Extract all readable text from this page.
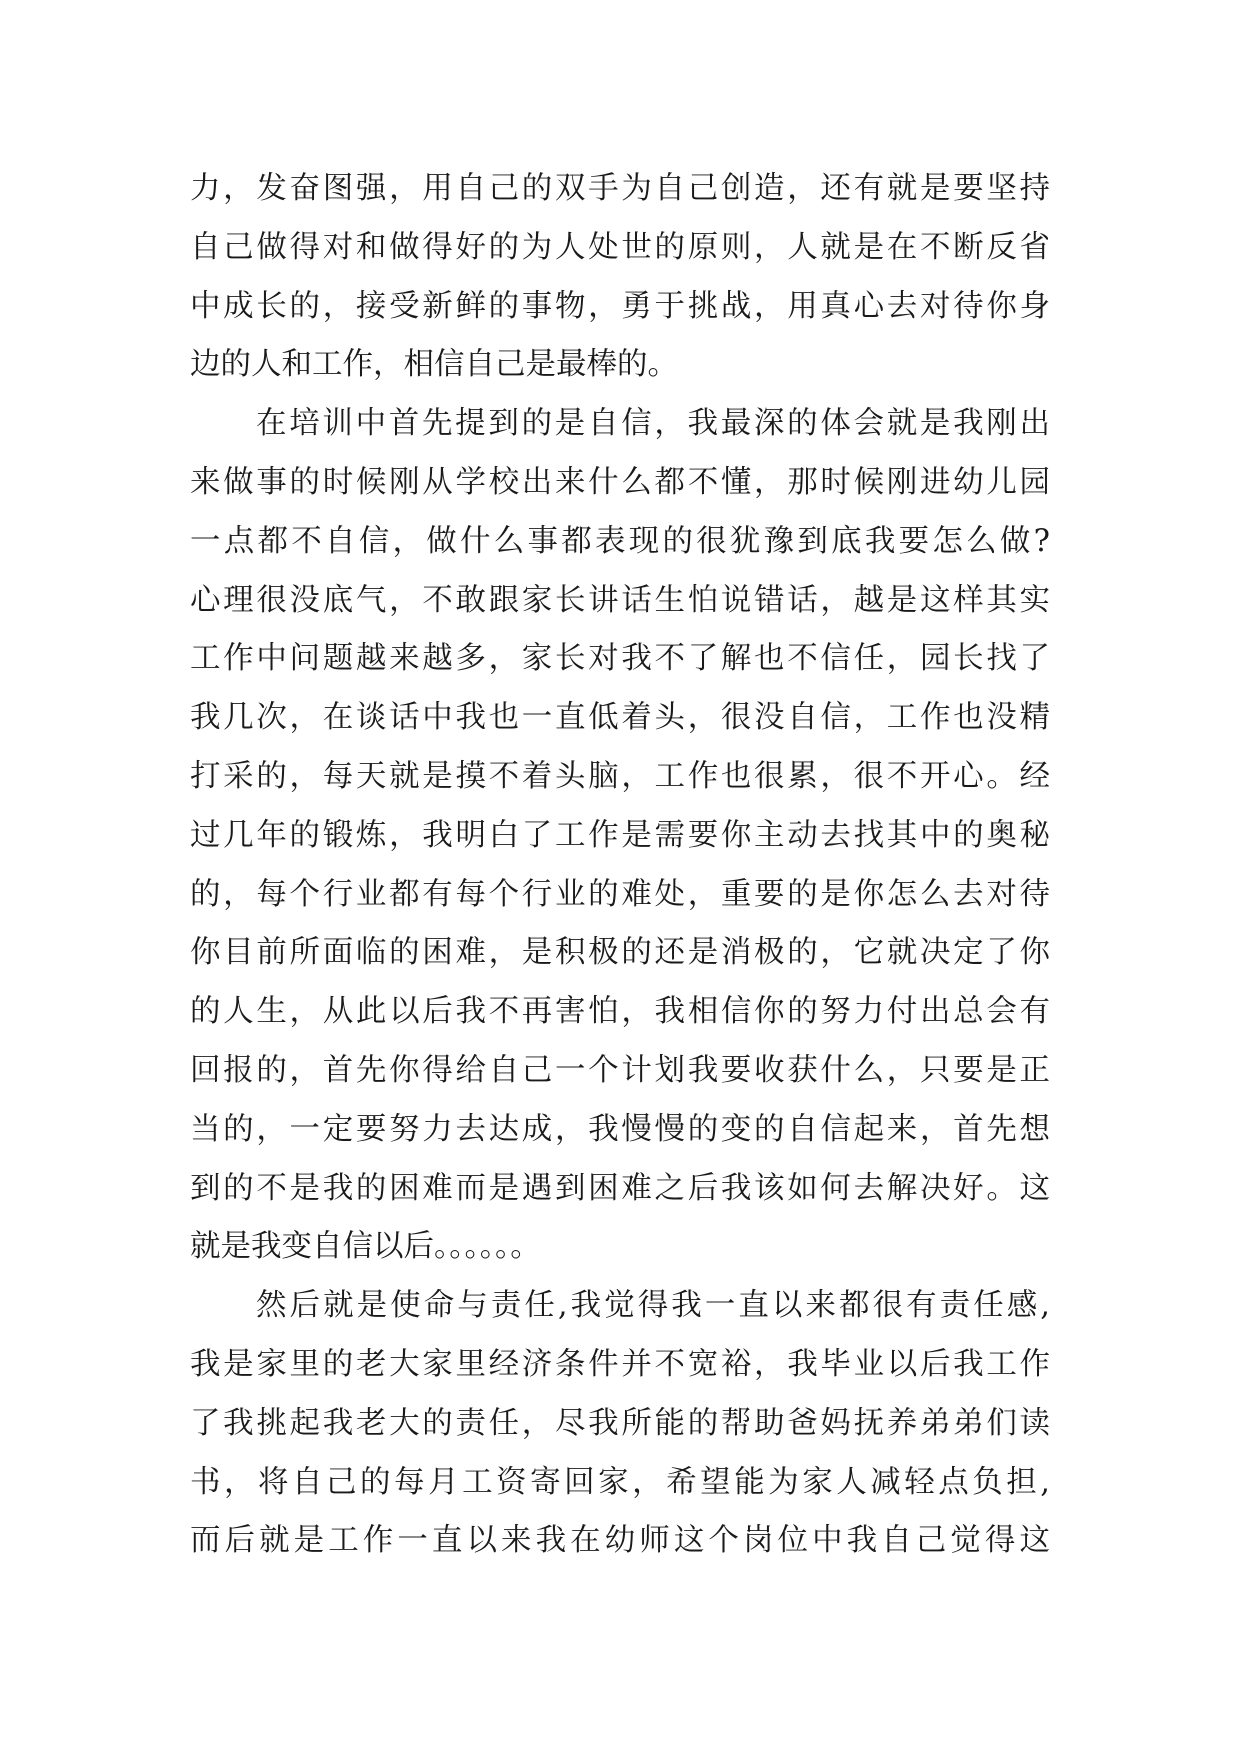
力，发奋图强，用自己的双手为自己创造，还有就是要坚持
自己做得对和做得好的为人处世的原则，人就是在不断反省
中成长的，接受新鲜的事物，勇于挑战，用真心去对待你身
边的人和工作，相信自己是最棒的。
在培训中首先提到的是自信，我最深的体会就是我刚出
来做事的时候刚从学校出来什么都不懂，那时候刚进幼儿园
一点都不自信，做什么事都表现的很犹豫到底我要怎么做?
心理很没底气，不敢跟家长讲话生怕说错话，越是这样其实
工作中问题越来越多，家长对我不了解也不信任，园长找了
我几次，在谈话中我也一直低着头，很没自信，工作也没精
打采的，每天就是摸不着头脑，工作也很累，很不开心。经
过几年的锻炼，我明白了工作是需要你主动去找其中的奥秘
的，每个行业都有每个行业的难处，重要的是你怎么去对待
你目前所面临的困难，是积极的还是消极的，它就决定了你
的人生，从此以后我不再害怕，我相信你的努力付出总会有
回报的，首先你得给自己一个计划我要收获什么，只要是正
当的，一定要努力去达成，我慢慢的变的自信起来，首先想
到的不是我的困难而是遇到困难之后我该如何去解决好。这
就是我变自信以后。。。。。。
然后就是使命与责任,我觉得我一直以来都很有责任感,
我是家里的老大家里经济条件并不宽裕，我毕业以后我工作
了我挑起我老大的责任，尽我所能的帮助爸妈抚养弟弟们读
书，将自己的每月工资寄回家，希望能为家人减轻点负担,
而后就是工作一直以来我在幼师这个岗位中我自己觉得这
